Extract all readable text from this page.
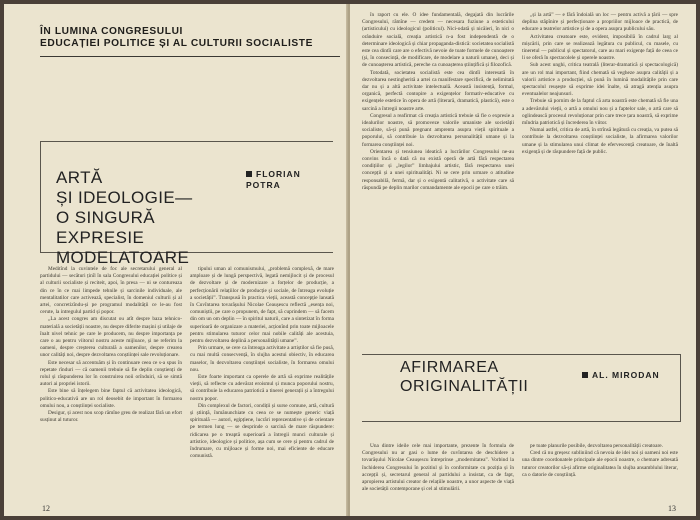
ÎN LUMINA CONGRESULUI
EDUCAȚIEI POLITICE ȘI AL CULTURII SOCIALISTE
ARTĂ
ȘI IDEOLOGIE—
O SINGURĂ EXPRESIE
MODELATOARE
FLORIAN
POTRA

Meditînd la cuvintele de foc ale secretarului general al partidului — secături ținîl în sala Congresului educației politice și al culturii socialiste și reciteit, apoi, în presa — ni se contureaza din ce în ce mai limpede tehnile și sarcinile individuale, ale mentalitatilor care activează, specialist, în domeniul culturii și al artei, concretizîndu-și pe programul modalității ce le-au fost cerute, la intregulul partid și popor.

„La acest congres am discutat ou atît despre baza tehnico-materială a societății noastre, nu despre diferite mașini și utilaje de înalt nivel tehnic pe care le producem, nu despre importanța pe care o au pentru viitorul nostru aceste mijloace, și ne referim la oameni, despre creșterea culturală a oamenilor, despre crearea unor calități noi, despre dezvoltarea conștiinței sale revoluționare.

Este necesar să accentuăm și în continuare ceea ce s-a spus în repetate rînduri — că oamenii trebuie să fie deplin conștienți de rolul și răspunderea lor în construirea noii orînduiri, să se simtă autori ai propriei istorii.

Este bine să înțelegem bine faptul că activitatea ideologică, politico-educativă are un rol deosebit de important în formarea omului nou, a conștiinței socialiste.

Desigur, și acest nou scop rămîne greu de realizat fără un efort susținut al tuturor.

tipului uman al comunismului, „problemă complexă, de mare amploare și de lungă perspectivă, legată nemijlocit și de procesul de dezvoltare și de modernizare a forțelor de producție, a perfecționării relațiilor de producție și sociale, de întreaga evoluție a societății”. Transpusă în practica vieții, această concepție lansată în Cuvîntarea tovarășului Nicolae Ceaușescu reflectă „esența noi, comuniștii, pe care o propunem, de fapt, să cuprindem — să facem din om un om deplin — în spiritul naturii, care a sintetizat în forma superioară de organizare a materiei, acționînd prin toate mijloacele pentru stimularea tuturor celor mai nobile calități ale acestuia, pentru dezvoltarea deplină a personalității umane”.

Prin urmare, se cere ca întreaga activitate a artiștilor să fie pusă, cu mai multă consecvență, în slujba acestui obiectiv, în educarea maselor, în dezvoltarea conștiinței socialiste, în formarea omului nou.

Este foarte important ca operele de artă să exprime realitățile vieții, să reflecte cu adevărat eroismul și munca poporului nostru, să contribuie la educarea patriotică a tinerei generații și a întregului nostru popor.

Din complexul de factori, condiții și surse comune, artă, cultură și știință, înmănunchiate cu ceea ce se numește generic viață spirituală — autori, egipțiene, lucrări reprezentative și de orientare pe termen lung — se desprinde o sarcină de mare răspundere: ridicarea pe o treaptă superioară a întregii munci culturale și artistice, ideologice și politice, așa cum se cere și pentru cadrul de îndrumare, cu mijloace și forme noi, mai eficiente de educare comunistă.

12

în raport cu ele. O idee fundamentală, degajată din lucrările Congresului, rămîne — credem — necesara fuziune a esteticului (artisticului) cu ideologicul (politicul). Nici-odată și nicăieri, în nici o orânduire socială, creația artistică n-a fost independentă de o determinare ideologică și chiar propaganda-distică: societatea socialistă este cea dintîi care are o efectivă nevoie de toate formele de cunoaștere (și, în consecință, de modificare, de modelare a naturii umane), deci și de cunoașterea artistică, pereche ca cunoașterea științifică și filozofică.

Totodată, societatea socialistă este cea dintîi interesată în dezvoltarea nestingherită a artei ca manifestare specifică, de nelimitată dar nu și a altă activitate intelectuală. Această insistență, formal, organică, perfectă contopire a exigențelor formativ-educative cu exigențele estetice în opera de artă (literară, dramatică, plastică), este o sarcină a întregii noastre arte.

Congresul a reafirmat că creația artistică trebuie să fie o expresie a idealurilor noastre, să promoveze valorile umaniste ale societății socialiste, să-și pună pregnant amprenta asupra vieții spirituale a poporului, să contribuie la dezvoltarea personalității umane și la formarea conștiinței noi.

Orientarea și tensiunea ideatică a lucrărilor Congresului ne-au convins încă o dată că nu există operă de artă fără respectarea condițiilor și „legilor” limbajului artistic, fără respectarea unei concepții și a unei spiritualități. Ni se cere prin urmare o atitudine responsabilă, fermă, dar și o exigentă calitativă, o activitate care să răspundă pe deplin marilor comandamente ale epocii pe care o trăim.

„și la artă” — e fără îndoială un loc — pentru activă a țării — spre deplina stăpînire și perfecționare a propriilor mijloace de practică, de educare a teatrelor artistice și de a opera asupra publicului său.

Activitatea creatoare este, evident, imposibilă în cadrul larg al mișcării, prin care se realizează legătura cu publicul, cu masele, cu tineretul — publicul și spectatorul, care au mari exigențe față de ceea ce li se oferă în spectacolele și operele noastre.

Sub acest unghi, critica teatrală (literar-dramatică și spectacologică) are un rol mai important, fiind chemată să vegheze asupra calității și a valorii artistice a producției, să pună în lumină modalitățile prin care spectacolul reușește să exprime idei înalte, să atragă atenția asupra eventualelor neajunsuri.

Trebuie să pornim de la faptul că arta noastră este chemată să fie una a adevărului vieții, o artă a omului nou și a faptelor sale, o artă care să oglindească procesul revoluționar prin care trece țara noastră, să exprime mîndria patriotică și încrederea în viitor.

Numai astfel, critica de artă, în strînsă legătură cu creația, va putea să contribuie la dezvoltarea conștiinței socialiste, la afirmarea valorilor umane și la stimularea unui climat de efervescență creatoare, de înaltă exigență și de răspundere față de public.

AFIRMAREA
ORIGINALITĂȚII
AL. MIRODAN

Una dintre ideile cele mai importante, prezente în formula de Congresului nu ar gasi o lume de cuvîntarea de deschidere a tovarășului Nicolae Ceaușescu întreprinse „modernitatea”. Vorbind la închiderea Congresului în pozitiul și în conformitate cu poziția și în accepții și, secretarul general al partidului a insistat, ca de fapt, apropierea artistului creator de relațiile noastre, a unor aspecte de viață ale societății contemporane și cel al stimulării.

pe toate planurile posibile, dezvoltarea personalității creatoare.

Cred că nu greșesc subliniind că nevoia de idei noi și oameni noi este una dintre coordonatele principale ale epocii noastre, o chemare adresată tuturor creatorilor să-și afirme originalitatea în slujba ansamblului literar, ca o datorie de conștiință.

13
